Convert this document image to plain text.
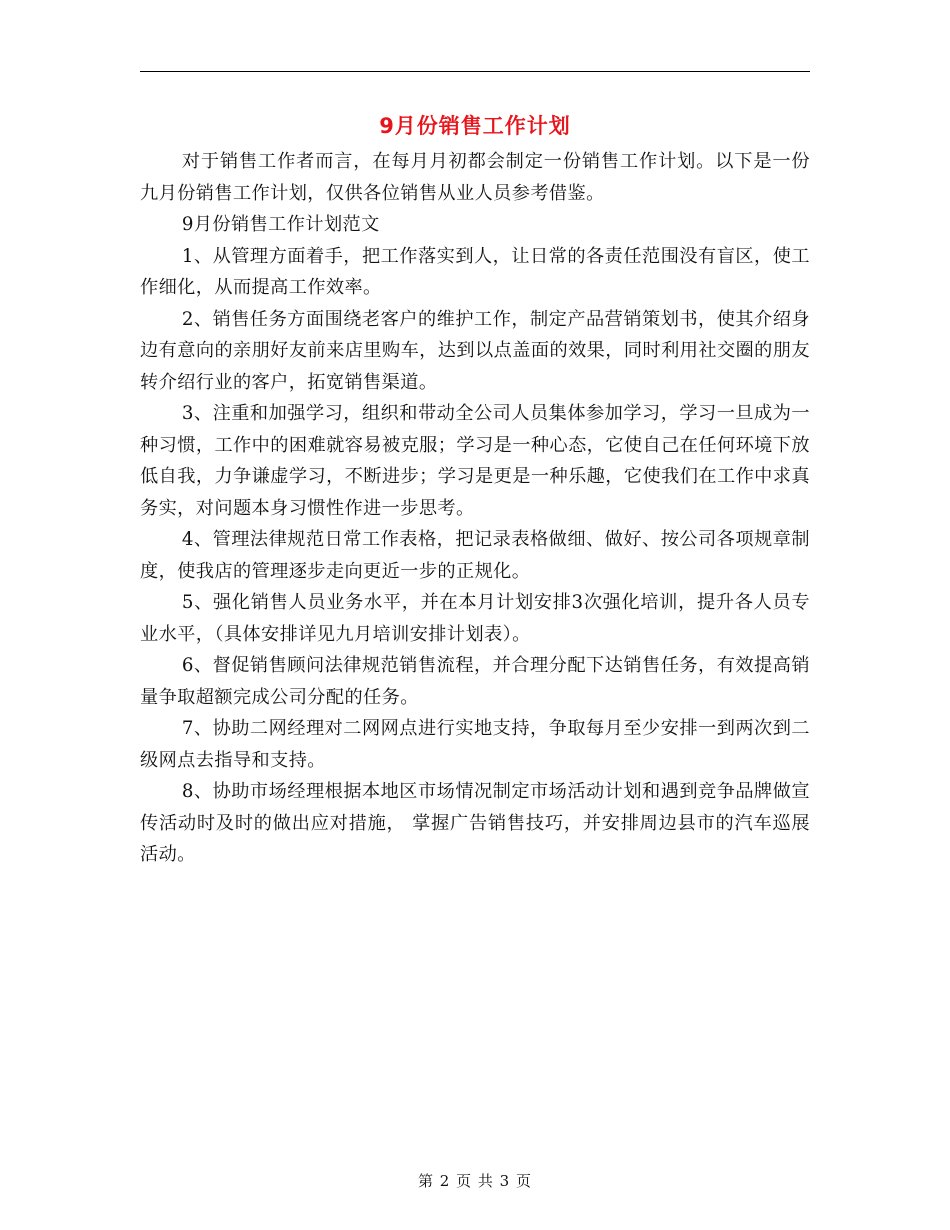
9月份销售工作计划

对于销售工作者而言，在每月月初都会制定一份销售工作计划。以下是一份九月份销售工作计划，仅供各位销售从业人员参考借鉴。

9月份销售工作计划范文

1、从管理方面着手，把工作落实到人，让日常的各责任范围没有盲区，使工作细化，从而提高工作效率。

2、销售任务方面围绕老客户的维护工作，制定产品营销策划书，使其介绍身边有意向的亲朋好友前来店里购车，达到以点盖面的效果，同时利用社交圈的朋友转介绍行业的客户，拓宽销售渠道。

3、注重和加强学习，组织和带动全公司人员集体参加学习，学习一旦成为一种习惯，工作中的困难就容易被克服；学习是一种心态，它使自己在任何环境下放低自我，力争谦虚学习，不断进步；学习是更是一种乐趣，它使我们在工作中求真务实，对问题本身习惯性作进一步思考。

4、管理法律规范日常工作表格，把记录表格做细、做好、按公司各项规章制度，使我店的管理逐步走向更近一步的正规化。

5、强化销售人员业务水平，并在本月计划安排3次强化培训，提升各人员专业水平，（具体安排详见九月培训安排计划表）。

6、督促销售顾问法律规范销售流程，并合理分配下达销售任务，有效提高销量争取超额完成公司分配的任务。

7、协助二网经理对二网网点进行实地支持，争取每月至少安排一到两次到二级网点去指导和支持。

8、协助市场经理根据本地区市场情况制定市场活动计划和遇到竞争品牌做宣传活动时及时的做出应对措施， 掌握广告销售技巧，并安排周边县市的汽车巡展活动。

第 2 页 共 3 页
